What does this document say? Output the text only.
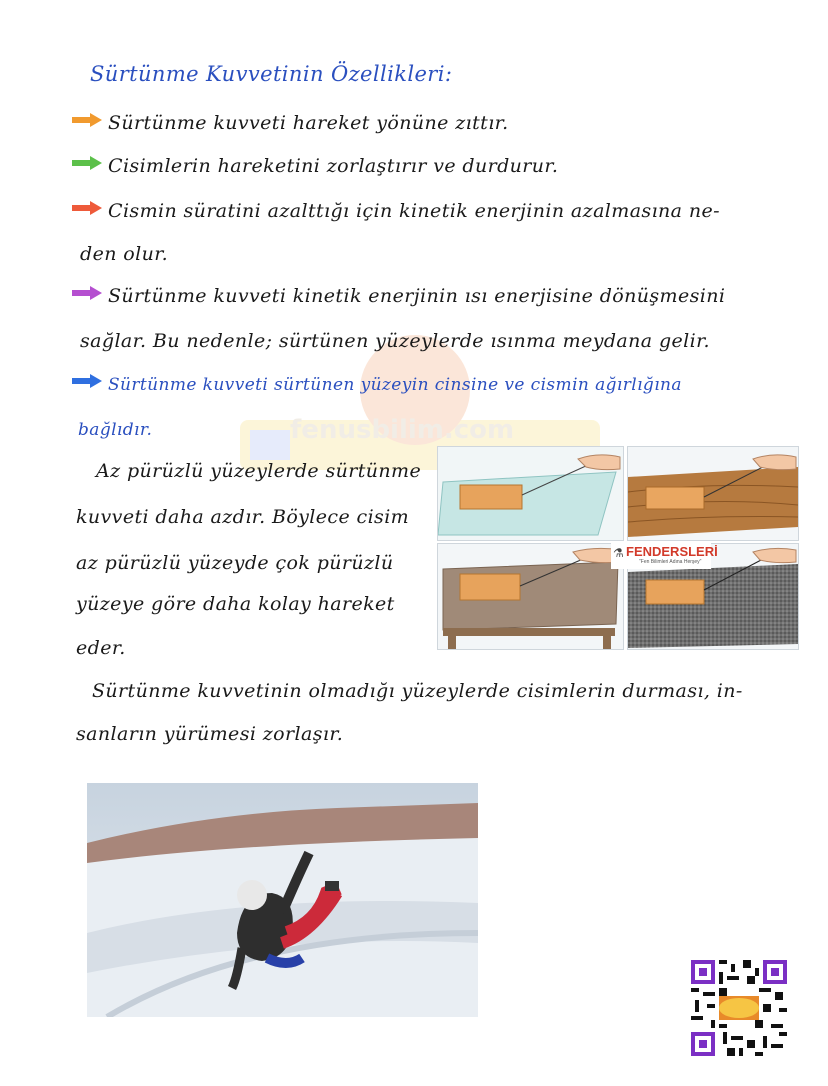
fenusbilim.com
Sürtünme Kuvvetinin Özellikleri:
Sürtünme kuvveti hareket yönüne zıttır.
Cisimlerin hareketini zorlaştırır ve durdurur.
Cismin süratini azalttığı için kinetik enerjinin azalmasına ne-
den olur.
Sürtünme kuvveti kinetik enerjinin ısı enerjisine dönüşmesini
sağlar. Bu nedenle; sürtünen yüzeylerde ısınma meydana gelir.
Sürtünme kuvveti sürtünen yüzeyin cinsine ve cismin ağırlığına
bağlıdır.
Az pürüzlü yüzeylerde sürtünme
kuvveti daha azdır. Böylece cisim
az pürüzlü yüzeyde çok pürüzlü
yüzeye göre daha kolay hareket
eder.
⚗ FENDERSLERİ
"Fen Bilimleri Adına Herşey"
Sürtünme kuvvetinin olmadığı yüzeylerde cisimlerin durması, in-
sanların yürümesi zorlaşır.
